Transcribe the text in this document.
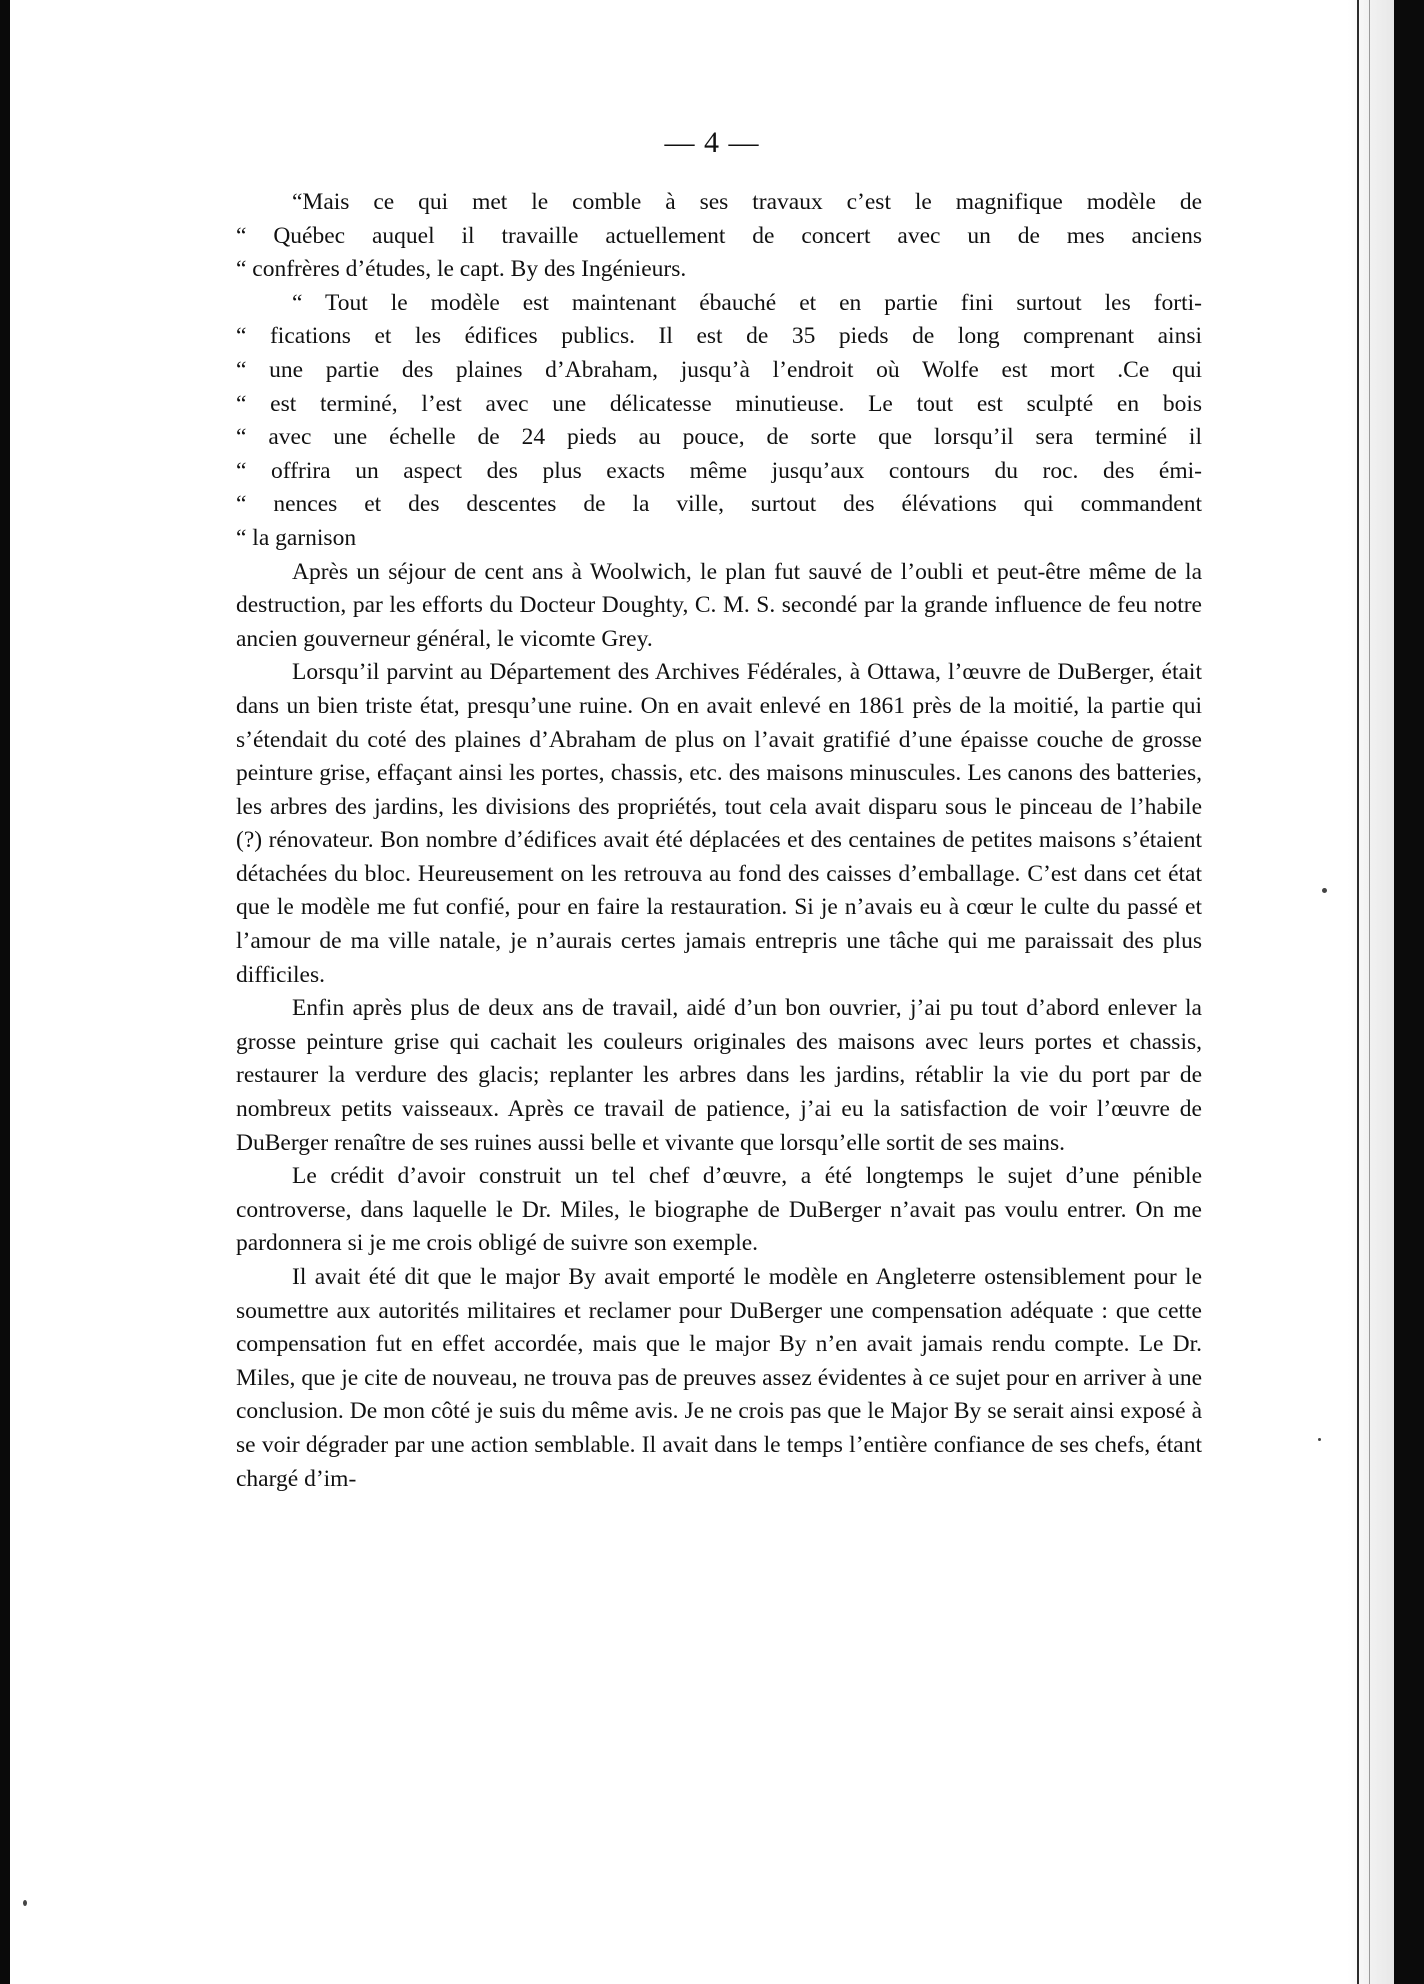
— 4 —
“Mais ce qui met le comble à ses travaux c’est le magnifique modèle de
“ Québec auquel il travaille actuellement de concert avec un de mes anciens
“ confrères d’études, le capt. By des Ingénieurs.
“ Tout le modèle est maintenant ébauché et en partie fini surtout les forti-
“ fications et les édifices publics. Il est de 35 pieds de long comprenant ainsi
“ une partie des plaines d’Abraham, jusqu’à l’endroit où Wolfe est mort .Ce qui
“ est terminé, l’est avec une délicatesse minutieuse. Le tout est sculpté en bois
“ avec une échelle de 24 pieds au pouce, de sorte que lorsqu’il sera terminé il
“ offrira un aspect des plus exacts même jusqu’aux contours du roc. des émi-
“ nences et des descentes de la ville, surtout des élévations qui commandent
“ la garnison

Après un séjour de cent ans à Woolwich, le plan fut sauvé de l’oubli et peut-être même de la destruction, par les efforts du Docteur Doughty, C. M. S. secondé par la grande influence de feu notre ancien gouverneur général, le vicomte Grey.

Lorsqu’il parvint au Département des Archives Fédérales, à Ottawa, l’œuvre de DuBerger, était dans un bien triste état, presqu’une ruine. On en avait enlevé en 1861 près de la moitié, la partie qui s’étendait du coté des plaines d’Abraham de plus on l’avait gratifié d’une épaisse couche de grosse peinture grise, effaçant ainsi les portes, chassis, etc. des maisons minuscules. Les canons des batteries, les arbres des jardins, les divisions des propriétés, tout cela avait disparu sous le pinceau de l’habile (?) rénovateur. Bon nombre d’édifices avait été déplacées et des centaines de petites maisons s’étaient détachées du bloc. Heureusement on les retrouva au fond des caisses d’emballage. C’est dans cet état que le modèle me fut confié, pour en faire la restauration. Si je n’avais eu à cœur le culte du passé et l’amour de ma ville natale, je n’aurais certes jamais entrepris une tâche qui me paraissait des plus difficiles.

Enfin après plus de deux ans de travail, aidé d’un bon ouvrier, j’ai pu tout d’abord enlever la grosse peinture grise qui cachait les couleurs originales des maisons avec leurs portes et chassis, restaurer la verdure des glacis; replanter les arbres dans les jardins, rétablir la vie du port par de nombreux petits vaisseaux. Après ce travail de patience, j’ai eu la satisfaction de voir l’œuvre de DuBerger renaître de ses ruines aussi belle et vivante que lorsqu’elle sortit de ses mains.

Le crédit d’avoir construit un tel chef d’œuvre, a été longtemps le sujet d’une pénible controverse, dans laquelle le Dr. Miles, le biographe de DuBerger n’avait pas voulu entrer. On me pardonnera si je me crois obligé de suivre son exemple.

Il avait été dit que le major By avait emporté le modèle en Angleterre ostensiblement pour le soumettre aux autorités militaires et reclamer pour DuBerger une compensation adéquate : que cette compensation fut en effet accordée, mais que le major By n’en avait jamais rendu compte. Le Dr. Miles, que je cite de nouveau, ne trouva pas de preuves assez évidentes à ce sujet pour en arriver à une conclusion. De mon côté je suis du même avis. Je ne crois pas que le Major By se serait ainsi exposé à se voir dégrader par une action semblable. Il avait dans le temps l’entière confiance de ses chefs, étant chargé d’im-
